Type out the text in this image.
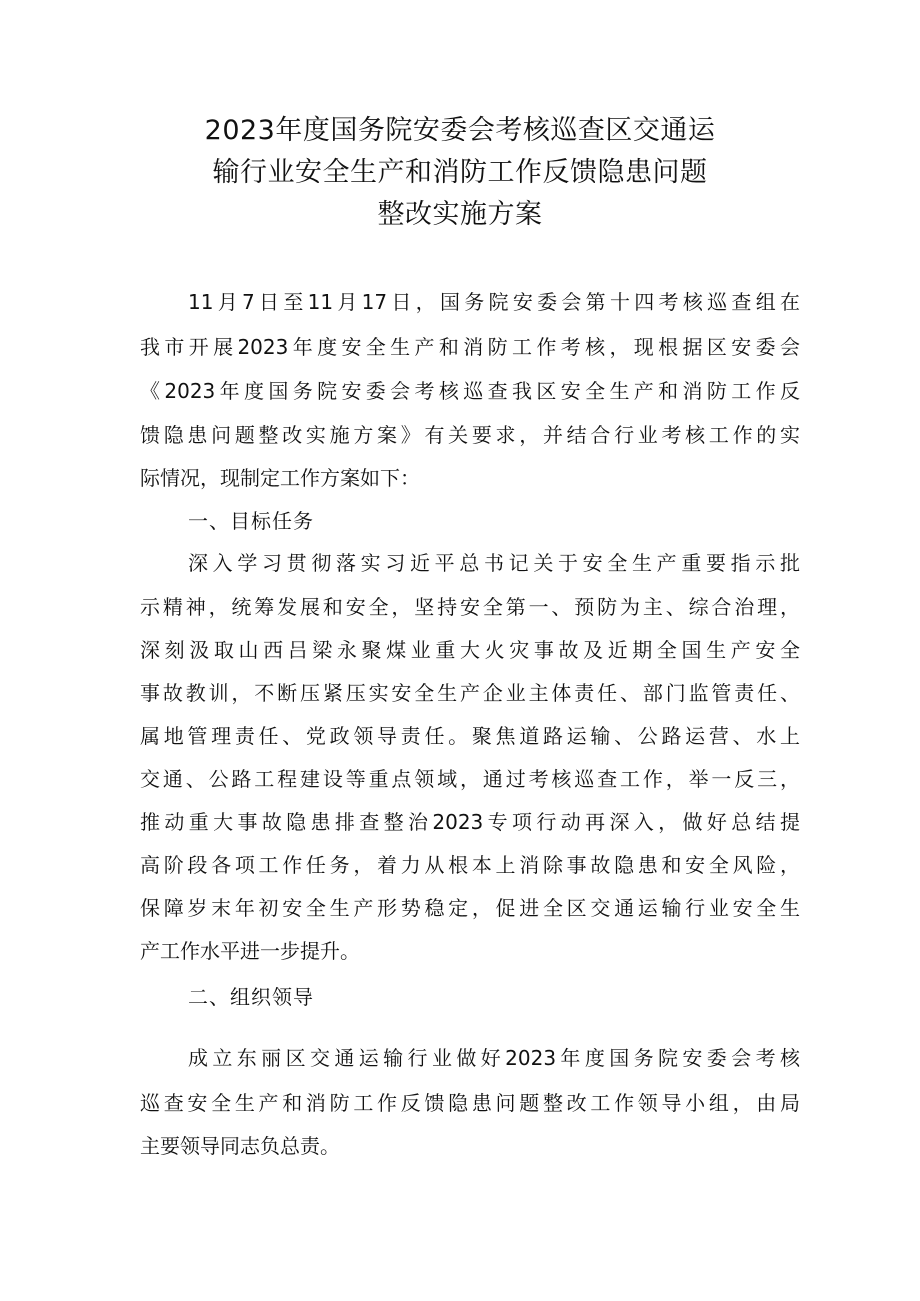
2023年度国务院安委会考核巡查区交通运
输行业安全生产和消防工作反馈隐患问题
整改实施方案
11月7日至11月17日，国务院安委会第十四考核巡查组在
我市开展2023年度安全生产和消防工作考核，现根据区安委会
《2023年度国务院安委会考核巡查我区安全生产和消防工作反
馈隐患问题整改实施方案》有关要求，并结合行业考核工作的实
际情况，现制定工作方案如下：
一、目标任务
深入学习贯彻落实习近平总书记关于安全生产重要指示批
示精神，统筹发展和安全，坚持安全第一、预防为主、综合治理，
深刻汲取山西吕梁永聚煤业重大火灾事故及近期全国生产安全
事故教训，不断压紧压实安全生产企业主体责任、部门监管责任、
属地管理责任、党政领导责任。聚焦道路运输、公路运营、水上
交通、公路工程建设等重点领域，通过考核巡查工作，举一反三，
推动重大事故隐患排查整治2023专项行动再深入，做好总结提
高阶段各项工作任务，着力从根本上消除事故隐患和安全风险，
保障岁末年初安全生产形势稳定，促进全区交通运输行业安全生
产工作水平进一步提升。
二、组织领导
成立东丽区交通运输行业做好2023年度国务院安委会考核
巡查安全生产和消防工作反馈隐患问题整改工作领导小组，由局
主要领导同志负总责。
